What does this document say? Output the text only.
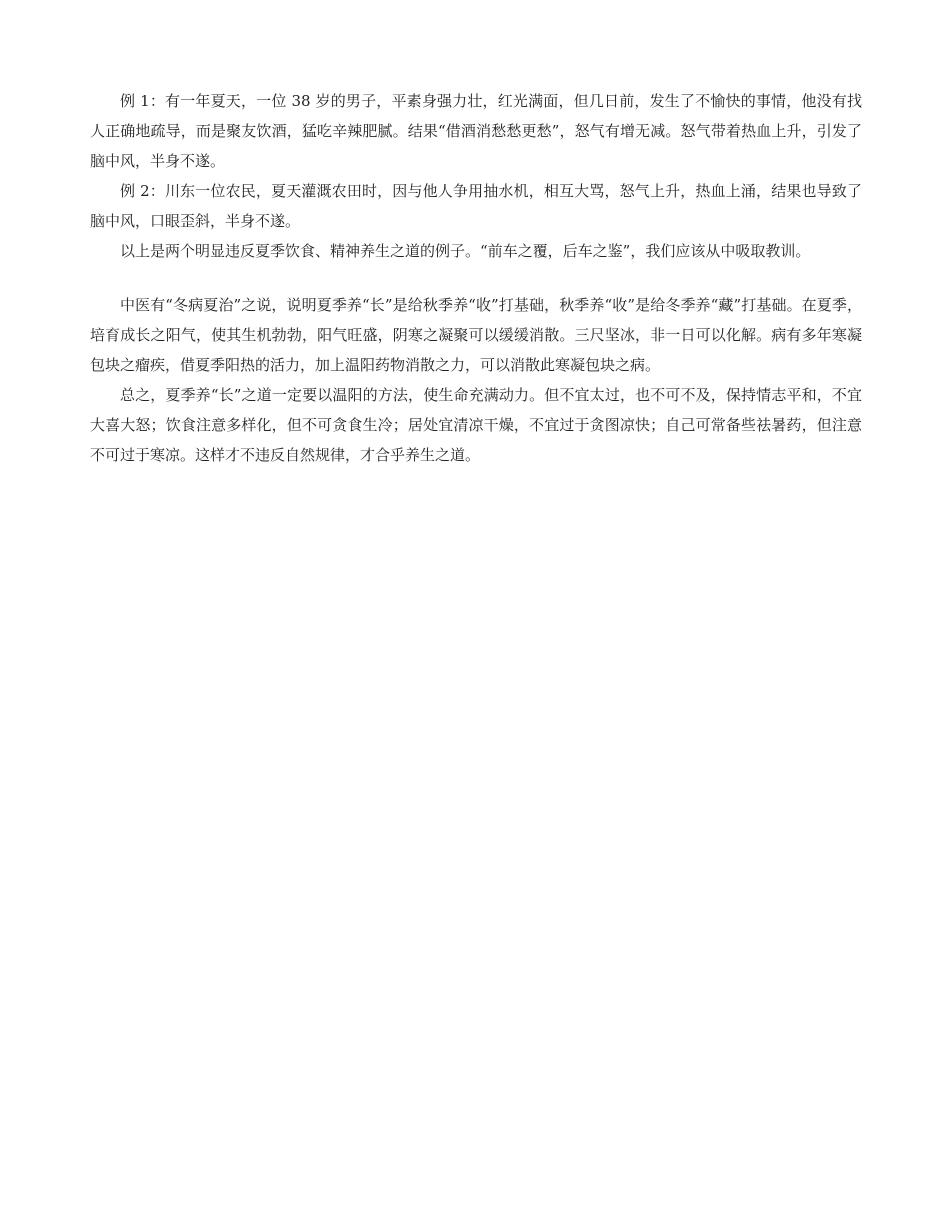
例 1：有一年夏天，一位 38 岁的男子，平素身强力壮，红光满面，但几日前，发生了不愉快的事情，他没有找人正确地疏导，而是聚友饮酒，猛吃辛辣肥腻。结果“借酒消愁愁更愁”，怒气有增无减。怒气带着热血上升，引发了脑中风，半身不遂。

例 2：川东一位农民，夏天灌溉农田时，因与他人争用抽水机，相互大骂，怒气上升，热血上涌，结果也导致了脑中风，口眼歪斜，半身不遂。

以上是两个明显违反夏季饮食、精神养生之道的例子。“前车之覆，后车之鉴”，我们应该从中吸取教训。

中医有“冬病夏治”之说，说明夏季养“长”是给秋季养“收”打基础，秋季养“收”是给冬季养“藏”打基础。在夏季，培育成长之阳气，使其生机勃勃，阳气旺盛，阴寒之凝聚可以缓缓消散。三尺坚冰，非一日可以化解。病有多年寒凝包块之瘤疾，借夏季阳热的活力，加上温阳药物消散之力，可以消散此寒凝包块之病。

总之，夏季养“长”之道一定要以温阳的方法，使生命充满动力。但不宜太过，也不可不及，保持情志平和，不宜大喜大怒；饮食注意多样化，但不可贪食生冷；居处宜清凉干燥，不宜过于贪图凉快；自己可常备些祛暑药，但注意不可过于寒凉。这样才不违反自然规律，才合乎养生之道。
